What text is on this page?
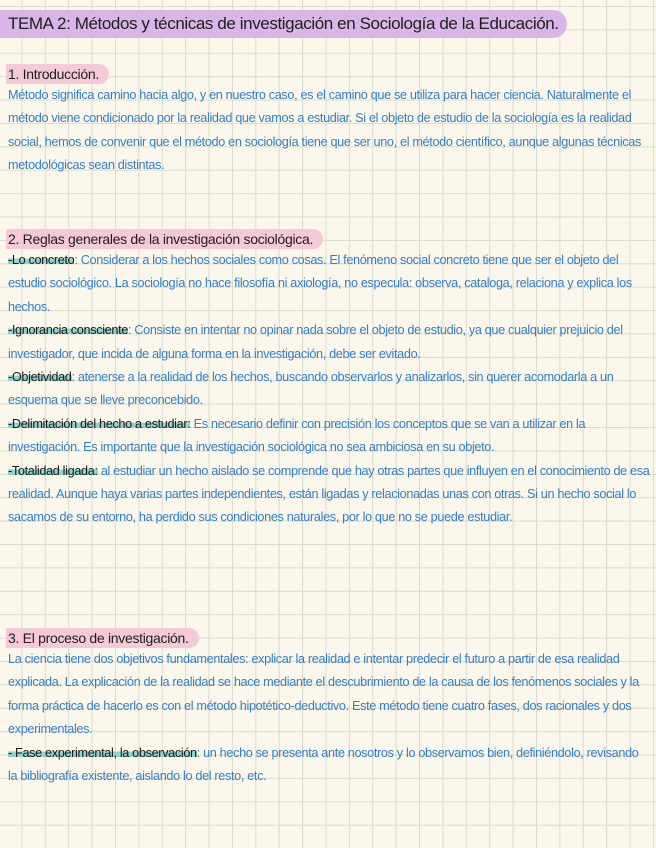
TEMA 2: Métodos y técnicas de investigación en Sociología de la Educación.
1. Introducción.

Método significa camino hacia algo, y en nuestro caso, es el camino que se utiliza para hacer ciencia. Naturalmente el método viene condicionado por la realidad que vamos a estudiar. Si el objeto de estudio de la sociología es la realidad social, hemos de convenir que el método en sociología tiene que ser uno, el método científico, aunque algunas técnicas metodológicas sean distintas.

2. Reglas generales de la investigación sociológica.

-Lo concreto: Considerar a los hechos sociales como cosas. El fenómeno social concreto tiene que ser el objeto del estudio sociológico. La sociología no hace filosofía ni axiología, no especula: observa, cataloga, relaciona y explica los hechos.

-Ignorancia consciente: Consiste en intentar no opinar nada sobre el objeto de estudio, ya que cualquier prejuicio del investigador, que incida de alguna forma en la investigación, debe ser evitado.

-Objetividad: atenerse a la realidad de los hechos, buscando observarlos y analizarlos, sin querer acomodarla a un esquema que se lleve preconcebido.

-Delimitación del hecho a estudiar: Es necesario definir con precisión los conceptos que se van a utilizar en la investigación. Es importante que la investigación sociológica no sea ambiciosa en su objeto.

-Totalidad ligada: al estudiar un hecho aislado se comprende que hay otras partes que influyen en el conocimiento de esa realidad. Aunque haya varias partes independientes, están ligadas y relacionadas unas con otras. Si un hecho social lo sacamos de su entorno, ha perdido sus condiciones naturales, por lo que no se puede estudiar.

3. El proceso de investigación.

La ciencia tiene dos objetivos fundamentales: explicar la realidad e intentar predecir el futuro a partir de esa realidad explicada. La explicación de la realidad se hace mediante el descubrimiento de la causa de los fenómenos sociales y la forma práctica de hacerlo es con el método hipotético-deductivo. Este método tiene cuatro fases, dos racionales y dos experimentales.

- Fase experimental, la observación: un hecho se presenta ante nosotros y lo observamos bien, definiéndolo, revisando la bibliografía existente, aislando lo del resto, etc.
